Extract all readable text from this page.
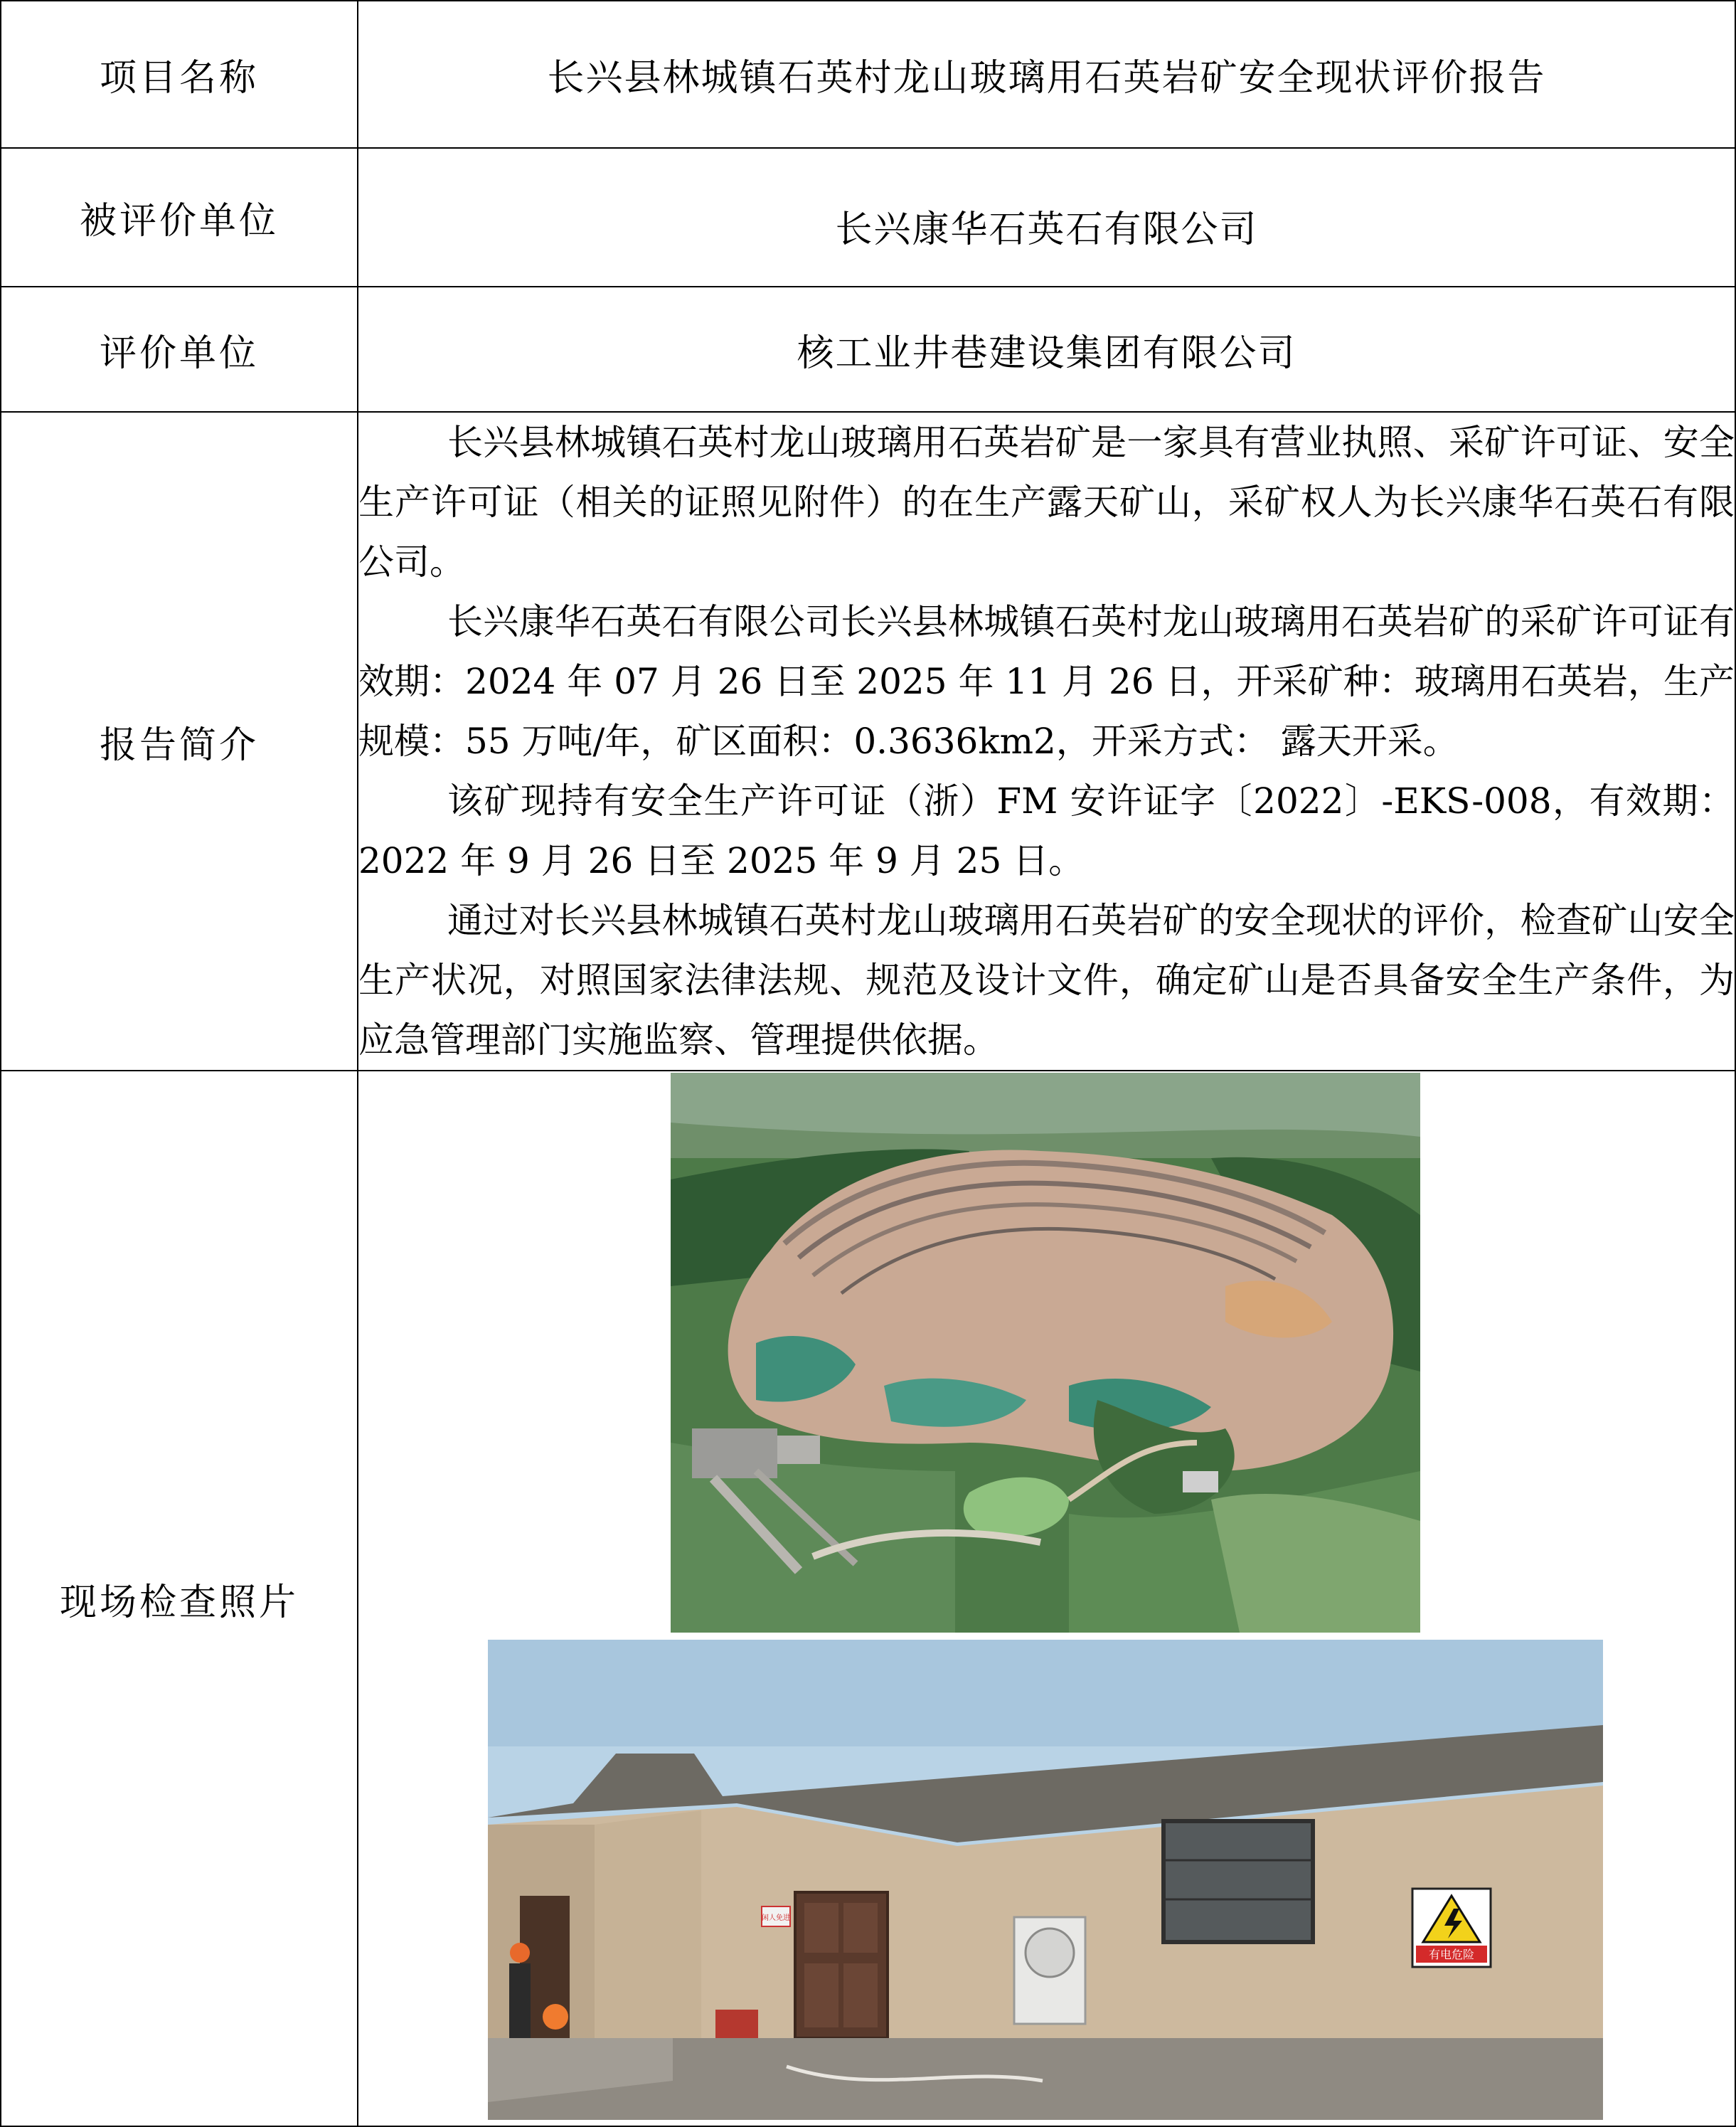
项目名称	长兴县林城镇石英村龙山玻璃用石英岩矿安全现状评价报告
被评价单位	长兴康华石英石有限公司
评价单位	核工业井巷建设集团有限公司
报告简介	长兴县林城镇石英村龙山玻璃用石英岩矿是一家具有营业执照、采矿许可证、安全生产许可证（相关的证照见附件）的在生产露天矿山，采矿权人为长兴康华石英石有限公司。

长兴康华石英石有限公司长兴县林城镇石英村龙山玻璃用石英岩矿的采矿许可证有效期：2024 年 07 月 26 日至 2025 年 11 月 26 日，开采矿种：玻璃用石英岩，生产规模：55 万吨/年，矿区面积：0.3636km2，开采方式： 露天开采。

该矿现持有安全生产许可证（浙）FM 安许证字〔2022〕-EKS-008，有效期：2022 年 9 月 26 日至 2025 年 9 月 25 日。

通过对长兴县林城镇石英村龙山玻璃用石英岩矿的安全现状的评价，检查矿山安全生产状况，对照国家法律法规、规范及设计文件，确定矿山是否具备安全生产条件，为应急管理部门实施监察、管理提供依据。

现场检查照片	
有电危险
闲人免进
